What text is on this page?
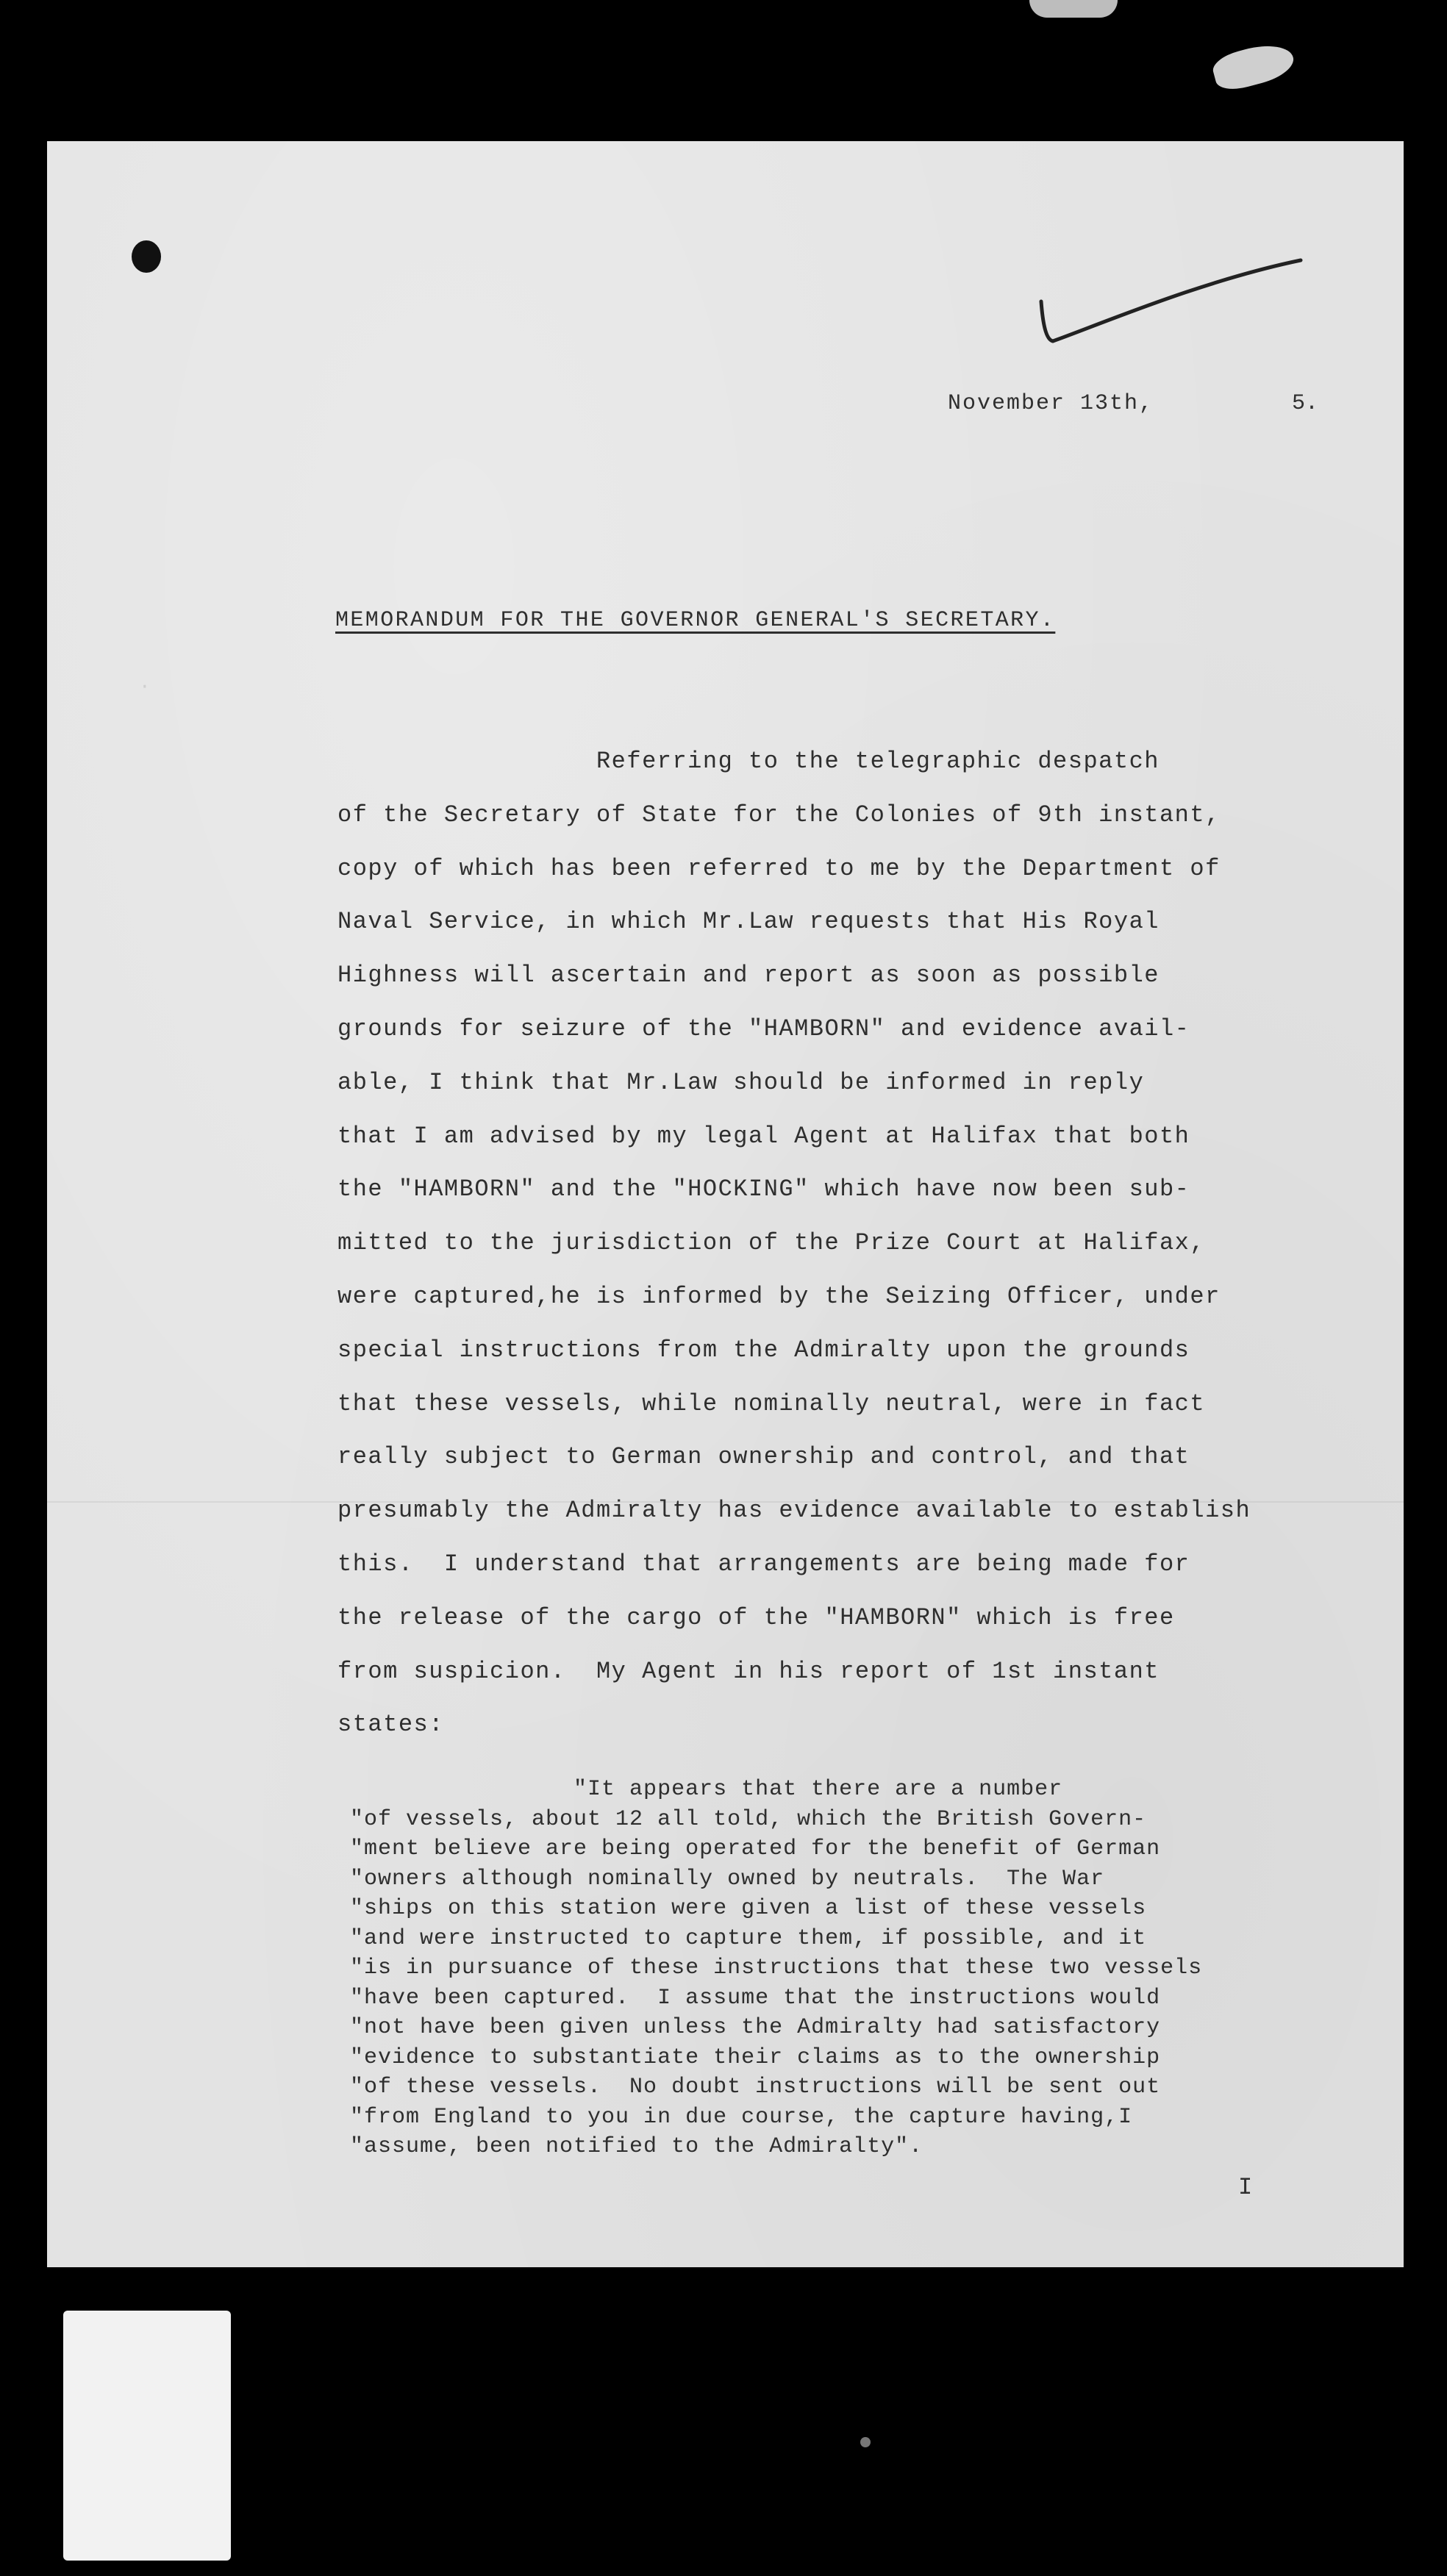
November 13th,	5.
·
MEMORANDUM FOR THE GOVERNOR GENERAL'S SECRETARY.
Referring to the telegraphic despatch
of the Secretary of State for the Colonies of 9th instant,
copy of which has been referred to me by the Department of
Naval Service, in which Mr.Law requests that His Royal
Highness will ascertain and report as soon as possible
grounds for seizure of the "HAMBORN" and evidence avail-
able, I think that Mr.Law should be informed in reply
that I am advised by my legal Agent at Halifax that both
the "HAMBORN" and the "HOCKING" which have now been sub-
mitted to the jurisdiction of the Prize Court at Halifax,
were captured,he is informed by the Seizing Officer, under
special instructions from the Admiralty upon the grounds
that these vessels, while nominally neutral, were in fact
really subject to German ownership and control, and that
presumably the Admiralty has evidence available to establish
this.  I understand that arrangements are being made for
the release of the cargo of the "HAMBORN" which is free
from suspicion.  My Agent in his report of 1st instant
states:
"It appears that there are a number
"of vessels, about 12 all told, which the British Govern-
"ment believe are being operated for the benefit of German
"owners although nominally owned by neutrals.  The War
"ships on this station were given a list of these vessels
"and were instructed to capture them, if possible, and it
"is in pursuance of these instructions that these two vessels
"have been captured.  I assume that the instructions would
"not have been given unless the Admiralty had satisfactory
"evidence to substantiate their claims as to the ownership
"of these vessels.  No doubt instructions will be sent out
"from England to you in due course, the capture having,I
"assume, been notified to the Admiralty".
I
